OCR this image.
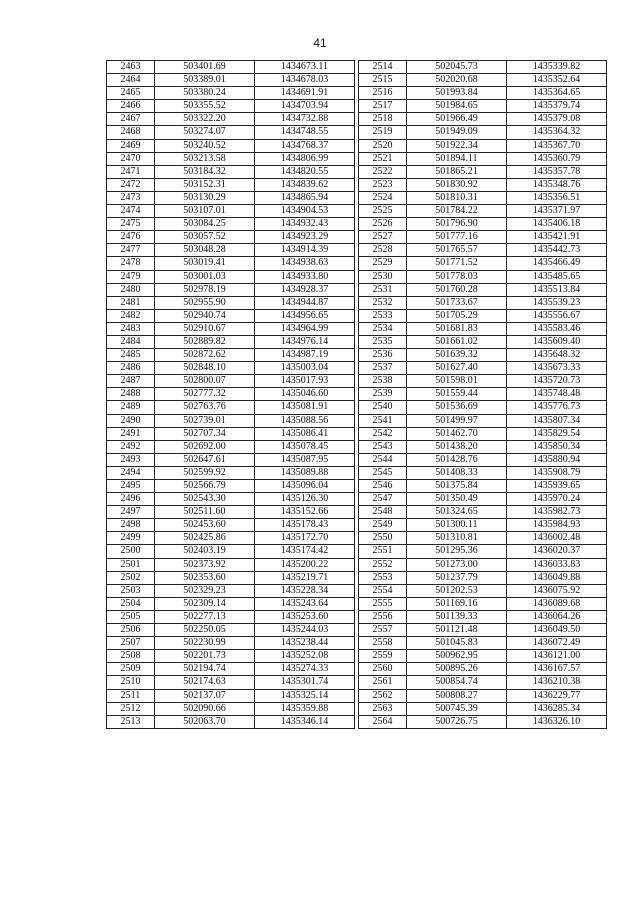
41
2463	503401.69	1434673.11
2464	503389.01	1434678.03
2465	503380.24	1434691.91
2466	503355.52	1434703.94
2467	503322.20	1434732.88
2468	503274.07	1434748.55
2469	503240.52	1434768.37
2470	503213.58	1434806.99
2471	503184.32	1434820.55
2472	503152.31	1434839.62
2473	503130.29	1434865.94
2474	503107.01	1434904.53
2475	503084.25	1434932.43
2476	503057.52	1434923.29
2477	503048.28	1434914.39
2478	503019.41	1434938.63
2479	503001.03	1434933.80
2480	502978.19	1434928.37
2481	502955.90	1434944.87
2482	502940.74	1434956.65
2483	502910.67	1434964.99
2484	502889.82	1434976.14
2485	502872.62	1434987.19
2486	502848.10	1435003.04
2487	502800.07	1435017.93
2488	502777.32	1435046.60
2489	502763.76	1435081.91
2490	502739.01	1435088.56
2491	502707.34	1435086.41
2492	502692.00	1435078.45
2493	502647.61	1435087.95
2494	502599.92	1435089.88
2495	502566.79	1435096.04
2496	502543.30	1435126.30
2497	502511.60	1435152.66
2498	502453.60	1435178.43
2499	502425.86	1435172.70
2500	502403.19	1435174.42
2501	502373.92	1435200.22
2502	502353.60	1435219.71
2503	502329.23	1435228.34
2504	502309.14	1435243.64
2505	502277.13	1435253.60
2506	502250.05	1435244.03
2507	502230.99	1435238.44
2508	502201.73	1435252.08
2509	502194.74	1435274.33
2510	502174.63	1435301.74
2511	502137.07	1435325.14
2512	502090.66	1435359.88
2513	502063.70	1435346.14
2514	502045.73	1435339.82
2515	502020.68	1435352.64
2516	501993.84	1435364.65
2517	501984.65	1435379.74
2518	501966.49	1435379.08
2519	501949.09	1435364.32
2520	501922.34	1435367.70
2521	501894.11	1435360.79
2522	501865.21	1435357.78
2523	501830.92	1435348.76
2524	501810.31	1435356.51
2525	501784.22	1435371.97
2526	501796.90	1435406.18
2527	501777.16	1435421.91
2528	501765.57	1435442.73
2529	501771.52	1435466.49
2530	501778.03	1435485.65
2531	501760.28	1435513.84
2532	501733.67	1435539.23
2533	501705.29	1435556.67
2534	501681.83	1435583.46
2535	501661.02	1435609.40
2536	501639.32	1435648.32
2537	501627.40	1435673.33
2538	501598.01	1435720.73
2539	501559.44	1435748.48
2540	501536.69	1435776.73
2541	501499.97	1435807.34
2542	501462.70	1435829.54
2543	501438.20	1435850.34
2544	501428.76	1435880.94
2545	501408.33	1435908.79
2546	501375.84	1435939.65
2547	501350.49	1435970.24
2548	501324.65	1435982.73
2549	501300.11	1435984.93
2550	501310.81	1436002.48
2551	501295.36	1436020.37
2552	501273.00	1436033.83
2553	501237.79	1436049.88
2554	501202.53	1436075.92
2555	501169.16	1436089.68
2556	501139.33	1436064.26
2557	501121.48	1436049.50
2558	501045.83	1436072.49
2559	500962.95	1436121.00
2560	500895.26	1436167.57
2561	500854.74	1436210.38
2562	500808.27	1436229.77
2563	500745.39	1436285.34
2564	500726.75	1436326.10
